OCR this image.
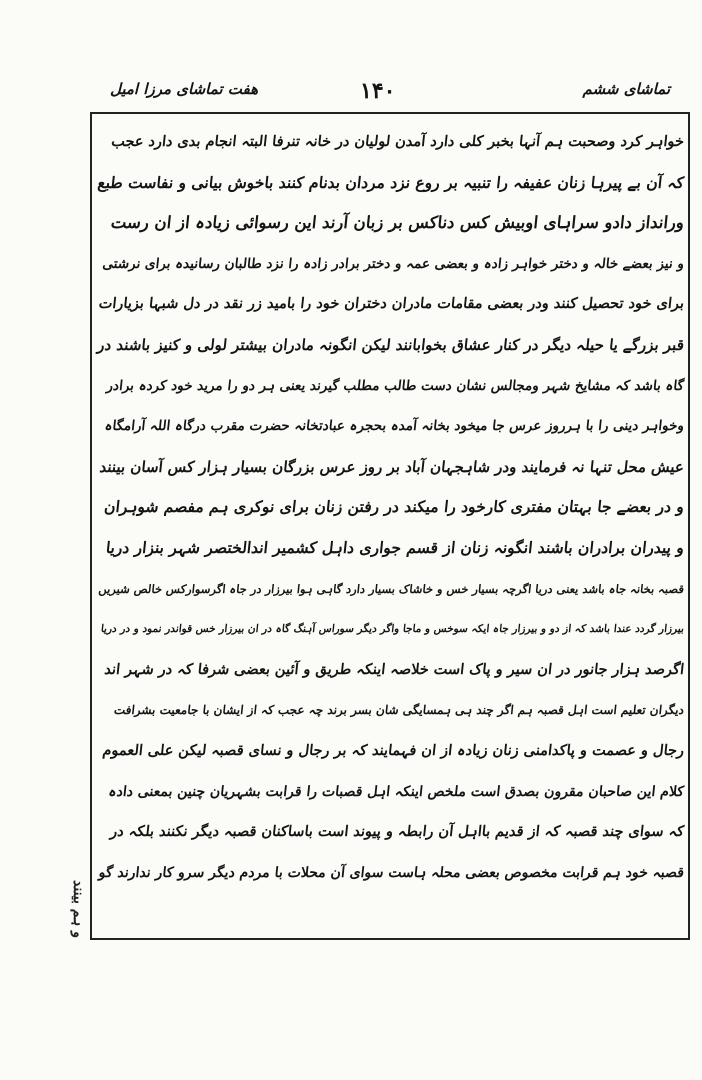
تماشای ششم
۱۴۰
هفت تماشای مرزا امیل
خواہر کرد وصحبت ہم آنہا بخبر کلی دارد آمدن لولیان در خانہ تنرفا البتہ انجام بدی دارد عجب
کہ آن بے پیرہا زنان عفیفہ را تنبیہ بر روع نزد مردان بدنام کنند باخوش بیانی و نفاست طبع
ورانداز دادو سراہای اوبیش کس دناکس بر زبان آرند این رسوائی زیادہ از ان رست
و نیز بعضے خالہ و دختر خواہر زادہ و بعضی عمہ و دختر برادر زادہ را نزد طالبان رسانیدہ برای نرشتی
برای خود تحصیل کنند ودر بعضی مقامات مادران دختران خود را بامید زر نقد در دل شبہا بزیارات
قبر بزرگے یا حیلہ دیگر در کنار عشاق بخوابانند لیکن انگونہ مادران بیشتر لولی و کنیز باشند در
گاہ باشد کہ مشایخ شہر ومجالس نشان دست طالب مطلب گیرند یعنی ہر دو را مرید خود کردہ برادر
وخواہر دینی را با ہرروز عرس جا میخود بخانہ آمدہ بحجرہ عبادتخانہ حضرت مقرب درگاہ اللہ آرامگاہ
عیش محل تنہا نہ فرمایند ودر شاہجہان آباد بر روز عرس بزرگان بسیار ہزار کس آسان بینند
و در بعضے جا بہتان مفتری کارخود را میکند در رفتن زنان برای نوکری ہم مفصم شوہران
و پیدران برادران باشند انگونہ زنان از قسم جواری داہل کشمیر اندالختصر شہر بنزار دریا
قصبہ بخانہ جاہ باشد یعنی دریا اگرچہ بسیار خس و خاشاک بسیار دارد گاہی ہوا بیرزار در جاہ اگرسوارکس خالص شیریں
بیرزار گردد عندا باشد کہ از دو و بیرزار جاہ ایکہ سوخس و ماجا واگر دیگر سوراس آہنگ گاہ در ان بیرزار خس قواندر نمود و در دریا
اگرصد ہزار جانور در ان سیر و پاک است خلاصہ اینکہ طریق و آئین بعضی شرفا کہ در شہر اند
دیگران تعلیم است اہل قصبہ ہم اگر چند ہی ہمسایگی شان بسر برند چہ عجب کہ از ایشان با جامعیت بشرافت
رجال و عصمت و پاکدامنی زنان زیادہ از ان فہمایند کہ بر رجال و نسای قصبہ لیکن علی العموم
کلام این صاحبان مقرون بصدق است ملخص اینکہ اہل قصبات را قرابت بشہریان چنین بمعنی دادہ
کہ سوای چند قصبہ کہ از قدیم بااہل آن رابطہ و پیوند است باساکنان قصبہ دیگر نکنند بلکہ در
قصبہ خود ہم قرابت مخصوص بعضی محلہ ہاست سوای آن محلات با مردم دیگر سرو کار ندارند گو
و ہم بینند
